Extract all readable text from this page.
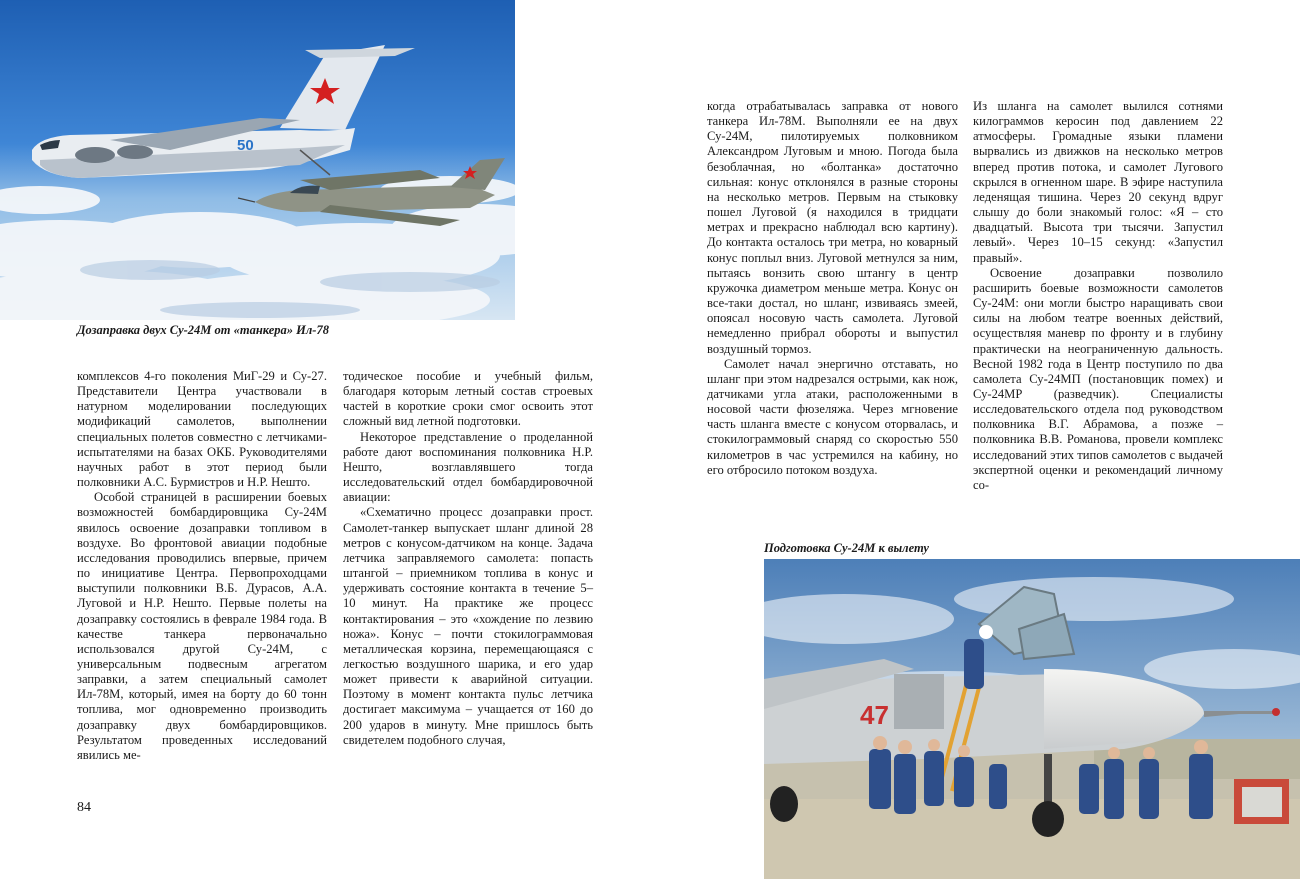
50
Дозаправка двух Су-24М от «танкера» Ил-78

комплексов 4-го поколения МиГ-29 и Су-27. Представители Центра участвовали в натурном моделировании последующих модификаций самолетов, выполнении специальных полетов совместно с летчиками-испытателями на базах ОКБ. Руководителями научных работ в этот период были полковники А.С. Бурмистров и Н.Р. Нешто.

Особой страницей в расширении боевых возможностей бомбардировщика Су-24М явилось освоение дозаправки топливом в воздухе. Во фронтовой авиации подобные исследования проводились впервые, причем по инициативе Центра. Первопроходцами выступили полковники В.Б. Дурасов, А.А. Луговой и Н.Р. Нешто. Первые полеты на дозаправку состоялись в феврале 1984 года. В качестве танкера первоначально использовался другой Су-24М, с универсальным подвесным агрегатом заправки, а затем специальный самолет Ил-78М, который, имея на борту до 60 тонн топлива, мог одновременно производить дозаправку двух бомбардировщиков. Результатом проведенных исследований явились ме-

тодическое пособие и учебный фильм, благодаря которым летный состав строевых частей в короткие сроки смог освоить этот сложный вид летной подготовки.

Некоторое представление о проделанной работе дают воспоминания полковника Н.Р. Нешто, возглавлявшего тогда исследовательский отдел бомбардировочной авиации:

«Схематично процесс дозаправки прост. Самолет-танкер выпускает шланг длиной 28 метров с конусом-датчиком на конце. Задача летчика заправляемого самолета: попасть штангой – приемником топлива в конус и удерживать состояние контакта в течение 5–10 минут. На практике же процесс контактирования – это «хождение по лезвию ножа». Конус – почти стокилограммовая металлическая корзина, перемещающаяся с легкостью воздушного шарика, и его удар может привести к аварийной ситуации. Поэтому в момент контакта пульс летчика достигает максимума – учащается от 160 до 200 ударов в минуту. Мне пришлось быть свидетелем подобного случая,

84

когда отрабатывалась заправка от нового танкера Ил-78М. Выполняли ее на двух Су-24М, пилотируемых полковником Александром Луговым и мною. Погода была безоблачная, но «болтанка» достаточно сильная: конус отклонялся в разные стороны на несколько метров. Первым на стыковку пошел Луговой (я находился в тридцати метрах и прекрасно наблюдал всю картину). До контакта осталось три метра, но коварный конус поплыл вниз. Луговой метнулся за ним, пытаясь вонзить свою штангу в центр кружочка диаметром меньше метра. Конус он все-таки достал, но шланг, извиваясь змеей, опоясал носовую часть самолета. Луговой немедленно прибрал обороты и выпустил воздушный тормоз.

Самолет начал энергично отставать, но шланг при этом надрезался острыми, как нож, датчиками угла атаки, расположенными в носовой части фюзеляжа. Через мгновение часть шланга вместе с конусом оторвалась, и стокилограммовый снаряд со скоростью 550 километров в час устремился на кабину, но его отбросило потоком воздуха.

Из шланга на самолет вылился сотнями килограммов керосин под давлением 22 атмосферы. Громадные языки пламени вырвались из движков на несколько метров вперед против потока, и самолет Лугового скрылся в огненном шаре. В эфире наступила леденящая тишина. Через 20 секунд вдруг слышу до боли знакомый голос: «Я – сто двадцатый. Высота три тысячи. Запустил левый». Через 10–15 секунд: «Запустил правый».

Освоение дозаправки позволило расширить боевые возможности самолетов Су-24М: они могли быстро наращивать свои силы на любом театре военных действий, осуществляя маневр по фронту и в глубину практически на неограниченную дальность. Весной 1982 года в Центр поступило по два самолета Су-24МП (постановщик помех) и Су-24МР (разведчик). Специалисты исследовательского отдела под руководством полковника В.Г. Абрамова, а позже – полковника В.В. Романова, провели комплекс исследований этих типов самолетов с выдачей экспертной оценки и рекомендаций личному со-

Подготовка Су-24М к вылету
47
